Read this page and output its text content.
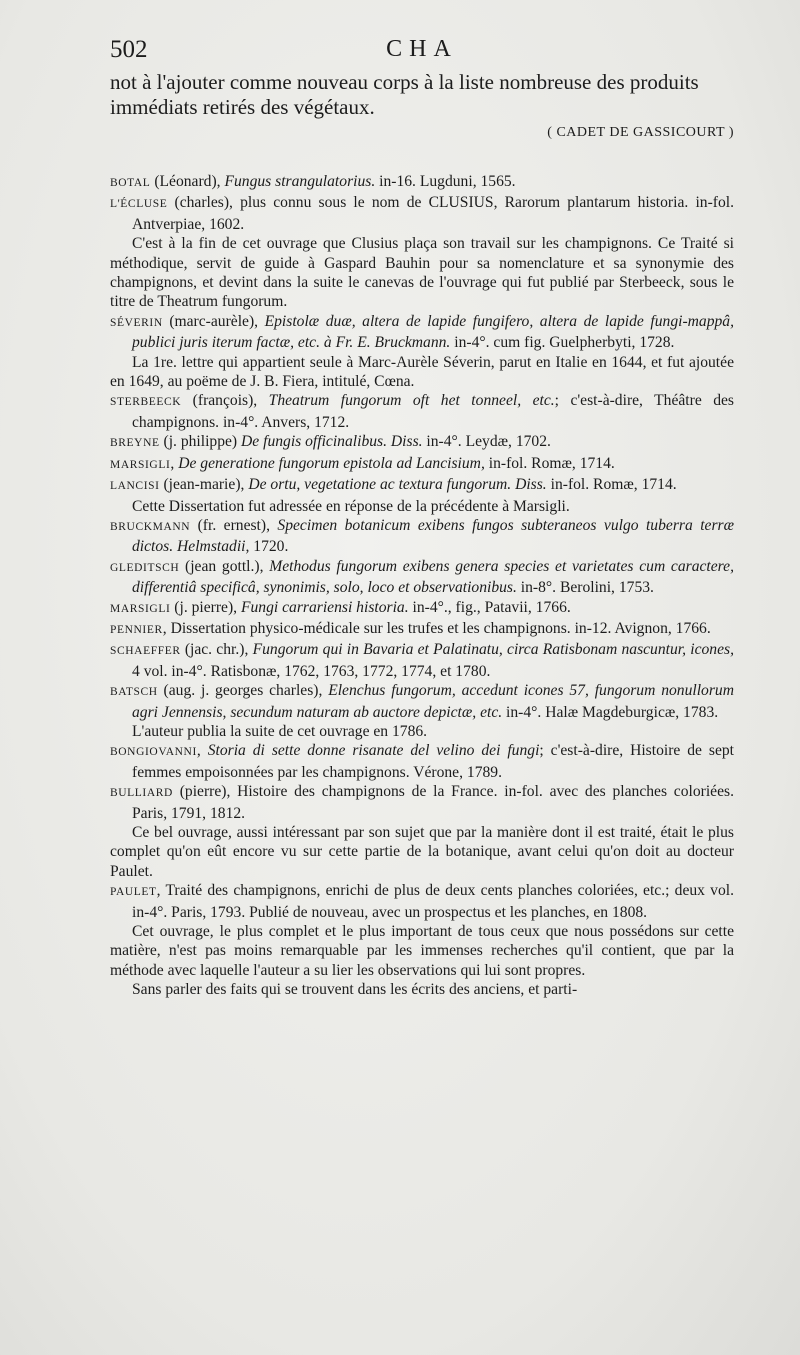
502	CHA

not à l'ajouter comme nouveau corps à la liste nombreuse des produits immédiats retirés des végétaux.

( CADET DE GASSICOURT )

BOTAL (Léonard), Fungus strangulatorius. in-16. Lugduni, 1565.

L'ÉCLUSE (charles), plus connu sous le nom de CLUSIUS, Rarorum plantarum historia. in-fol. Antverpiae, 1602.

C'est à la fin de cet ouvrage que Clusius plaça son travail sur les champignons. Ce Traité si méthodique, servit de guide à Gaspard Bauhin pour sa nomenclature et sa synonymie des champignons, et devint dans la suite le canevas de l'ouvrage qui fut publié par Sterbeeck, sous le titre de Theatrum fungorum.

SÉVERIN (marc-aurèle), Epistolæ duæ, altera de lapide fungifero, altera de lapide fungi-mappâ, publici juris iterum factæ, etc. à Fr. E. Bruckmann. in-4°. cum fig. Guelpherbyti, 1728.

La 1re. lettre qui appartient seule à Marc-Aurèle Séverin, parut en Italie en 1644, et fut ajoutée en 1649, au poëme de J. B. Fiera, intitulé, Cœna.

STERBEECK (françois), Theatrum fungorum oft het tonneel, etc.; c'est-à-dire, Théâtre des champignons. in-4°. Anvers, 1712.

BREYNE (j. philippe) De fungis officinalibus. Diss. in-4°. Leydæ, 1702.

MARSIGLI, De generatione fungorum epistola ad Lancisium, in-fol. Romæ, 1714.

LANCISI (jean-marie), De ortu, vegetatione ac textura fungorum. Diss. in-fol. Romæ, 1714.

Cette Dissertation fut adressée en réponse de la précédente à Marsigli.

BRUCKMANN (fr. ernest), Specimen botanicum exibens fungos subteraneos vulgo tuberra terræ dictos. Helmstadii, 1720.

GLEDITSCH (jean gottl.), Methodus fungorum exibens genera species et varietates cum caractere, differentiâ specificâ, synonimis, solo, loco et observationibus. in-8°. Berolini, 1753.

MARSIGLI (j. pierre), Fungi carrariensi historia. in-4°., fig., Patavii, 1766.

PENNIER, Dissertation physico-médicale sur les trufes et les champignons. in-12. Avignon, 1766.

SCHAEFFER (jac. chr.), Fungorum qui in Bavaria et Palatinatu, circa Ratisbonam nascuntur, icones, 4 vol. in-4°. Ratisbonæ, 1762, 1763, 1772, 1774, et 1780.

BATSCH (aug. j. georges charles), Elenchus fungorum, accedunt icones 57, fungorum nonullorum agri Jennensis, secundum naturam ab auctore depictæ, etc. in-4°. Halæ Magdeburgicæ, 1783.

L'auteur publia la suite de cet ouvrage en 1786.

BONGIOVANNI, Storia di sette donne risanate del velino dei fungi; c'est-à-dire, Histoire de sept femmes empoisonnées par les champignons. Vérone, 1789.

BULLIARD (pierre), Histoire des champignons de la France. in-fol. avec des planches coloriées. Paris, 1791, 1812.

Ce bel ouvrage, aussi intéressant par son sujet que par la manière dont il est traité, était le plus complet qu'on eût encore vu sur cette partie de la botanique, avant celui qu'on doit au docteur Paulet.

PAULET, Traité des champignons, enrichi de plus de deux cents planches coloriées, etc.; deux vol. in-4°. Paris, 1793. Publié de nouveau, avec un prospectus et les planches, en 1808.

Cet ouvrage, le plus complet et le plus important de tous ceux que nous possédons sur cette matière, n'est pas moins remarquable par les immenses recherches qu'il contient, que par la méthode avec laquelle l'auteur a su lier les observations qui lui sont propres.

Sans parler des faits qui se trouvent dans les écrits des anciens, et parti-
